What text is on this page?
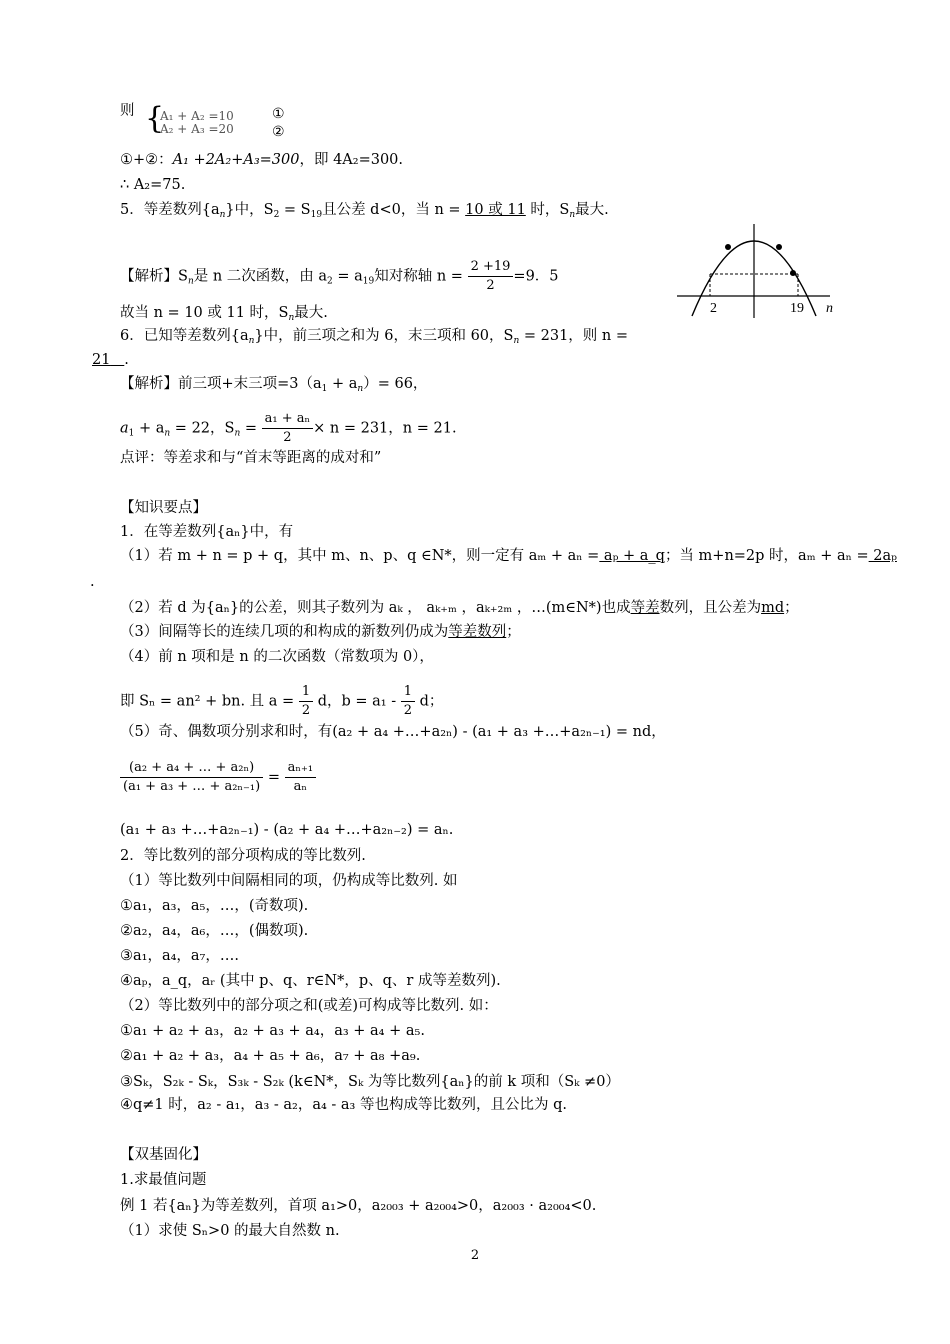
则 {
A₁ + A₂ =10
A₂ + A₃ =20
①
②
①+②：A₁ +2A₂+A₃=300，即 4A₂=300.
∴ A₂=75.
5．等差数列$\{a_n\}$中，$S_2 = S_{19}$且公差 d<0，当 n = 10 或 11 时，$S_n$最大.
【解析】$S_n$是 n 二次函数，由 $a_2 = a_{19}$知对称轴 $n = \frac{2 +19}{2} =9$．5
故当 n = 10 或 11 时，$S_n$最大.	2	19 n
6．已知等差数列$\{a_n\}$中，前三项之和为 6，末三项和 60，$S_n = 231$，则 n =
21 .
【解析】前三项+末三项$=3(a_1 + a_n)= 66$，
$a_1 + a_n = 22$，$S_n = \frac{\text{a₁ + aₙ}}{2} \times n = 231$，n = 21.
点评：等差求和与“首末等距离的成对和”
【知识要点】
1．在等差数列{aₙ}中，有
（1）若 m + n = p + q，其中 m、n、p、q ∈N*，则一定有 aₘ + aₙ = aₚ + a_q；当 m+n=2p 时，aₘ + aₙ = 2aₚ
.
（2）若 d 为{aₙ}的公差，则其子数列为 aₖ ， aₖ₊ₘ ，aₖ₊₂ₘ ，…(m∈N*)也成等差数列，且公差为md；
（3）间隔等长的连续几项的和构成的新数列仍成为等差数列；
（4）前 n 项和是 n 的二次函数（常数项为 0），
即 Sₙ = an² + bn. 且 $a = \frac{1}{2}$ d，$b = a_1 - \frac{1}{2}$ d；
（5）奇、偶数项分别求和时，有(a₂ + a₄ +…+a₂ₙ) - (a₁ + a₃ +…+a₂ₙ₋₁) = nd，
$\frac{\text{(a₂ + a₄ + … + a₂ₙ)}}{\text{(a₁ + a₃ + … + a₂ₙ₋₁)}} = \frac{\text{aₙ₊₁}}{\text{aₙ}}$
(a₁ + a₃ +…+a₂ₙ₋₁) - (a₂ + a₄ +…+a₂ₙ₋₂) = aₙ.
2．等比数列的部分项构成的等比数列.
（1）等比数列中间隔相同的项，仍构成等比数列. 如
①a₁，a₃，a₅，…，(奇数项).
②a₂，a₄，a₆，…，(偶数项).
③a₁，a₄，a₇，….
④aₚ，a_q，aᵣ (其中 p、q、r∈N*，p、q、r 成等差数列).
（2）等比数列中的部分项之和(或差)可构成等比数列. 如：
①a₁ + a₂ + a₃，a₂ + a₃ + a₄，a₃ + a₄ + a₅.
②a₁ + a₂ + a₃，a₄ + a₅ + a₆，a₇ + a₈ +a₉.
③Sₖ，S₂ₖ - Sₖ，S₃ₖ - S₂ₖ (k∈N*，Sₖ 为等比数列{aₙ}的前 k 项和（Sₖ ≠0）
④q≠1 时，a₂ - a₁，a₃ - a₂，a₄ - a₃ 等也构成等比数列，且公比为 q.
【双基固化】
1.求最值问题
例 1 若{aₙ}为等差数列，首项 a₁>0，a₂₀₀₃ + a₂₀₀₄>0，a₂₀₀₃ · a₂₀₀₄<0.
（1）求使 Sₙ>0 的最大自然数 n.
2
